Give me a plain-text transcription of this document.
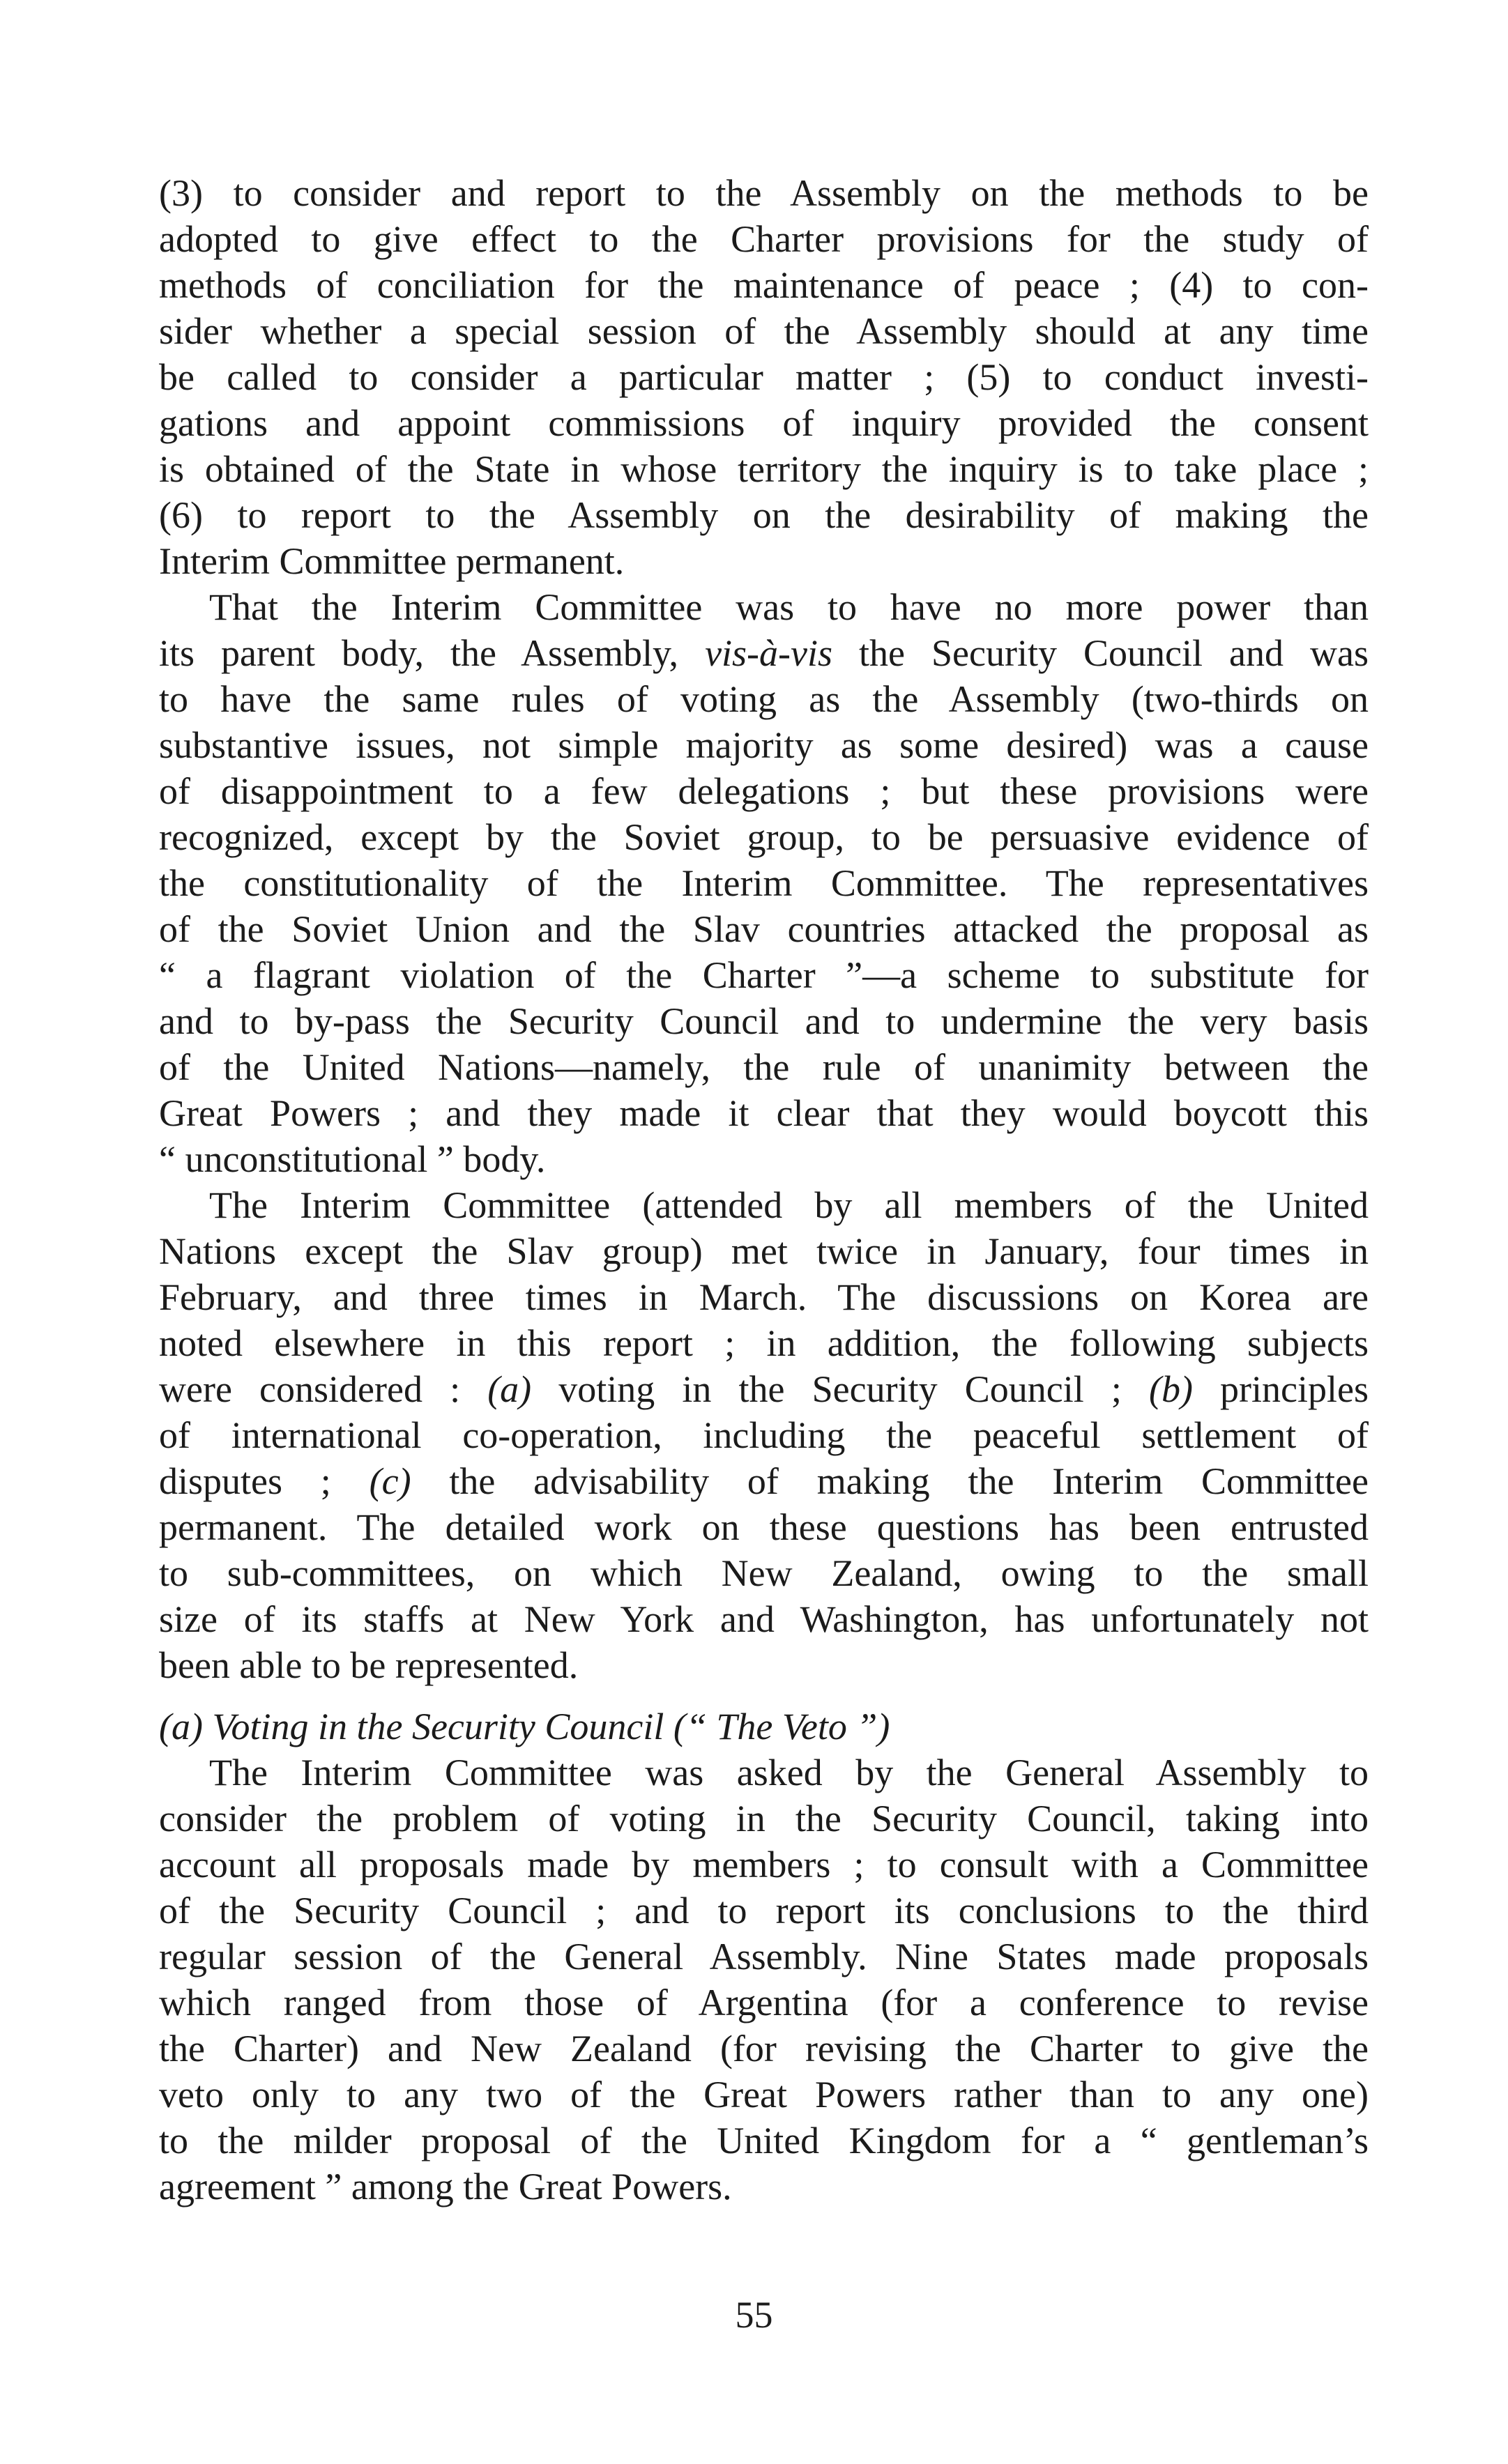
(3) to consider and report to the Assembly on the methods to be
adopted to give effect to the Charter provisions for the study of
methods of conciliation for the maintenance of peace ; (4) to con-
sider whether a special session of the Assembly should at any time
be called to consider a particular matter ; (5) to conduct investi-
gations and appoint commissions of inquiry provided the consent
is obtained of the State in whose territory the inquiry is to take place ;
(6) to report to the Assembly on the desirability of making the
Interim Committee permanent.
That the Interim Committee was to have no more power than
its parent body, the Assembly, vis-à-vis the Security Council and was
to have the same rules of voting as the Assembly (two-thirds on
substantive issues, not simple majority as some desired) was a cause
of disappointment to a few delegations ; but these provisions were
recognized, except by the Soviet group, to be persuasive evidence of
the constitutionality of the Interim Committee. The representatives
of the Soviet Union and the Slav countries attacked the proposal as
“ a flagrant violation of the Charter ”—a scheme to substitute for
and to by-pass the Security Council and to undermine the very basis
of the United Nations—namely, the rule of unanimity between the
Great Powers ; and they made it clear that they would boycott this
“ unconstitutional ” body.
The Interim Committee (attended by all members of the United
Nations except the Slav group) met twice in January, four times in
February, and three times in March. The discussions on Korea are
noted elsewhere in this report ; in addition, the following subjects
were considered : (a) voting in the Security Council ; (b) principles
of international co-operation, including the peaceful settlement of
disputes ; (c) the advisability of making the Interim Committee
permanent. The detailed work on these questions has been entrusted
to sub-committees, on which New Zealand, owing to the small
size of its staffs at New York and Washington, has unfortunately not
been able to be represented.
(a) Voting in the Security Council (“ The Veto ”)
The Interim Committee was asked by the General Assembly to
consider the problem of voting in the Security Council, taking into
account all proposals made by members ; to consult with a Committee
of the Security Council ; and to report its conclusions to the third
regular session of the General Assembly. Nine States made proposals
which ranged from those of Argentina (for a conference to revise
the Charter) and New Zealand (for revising the Charter to give the
veto only to any two of the Great Powers rather than to any one)
to the milder proposal of the United Kingdom for a “ gentleman’s
agreement ” among the Great Powers.
55
